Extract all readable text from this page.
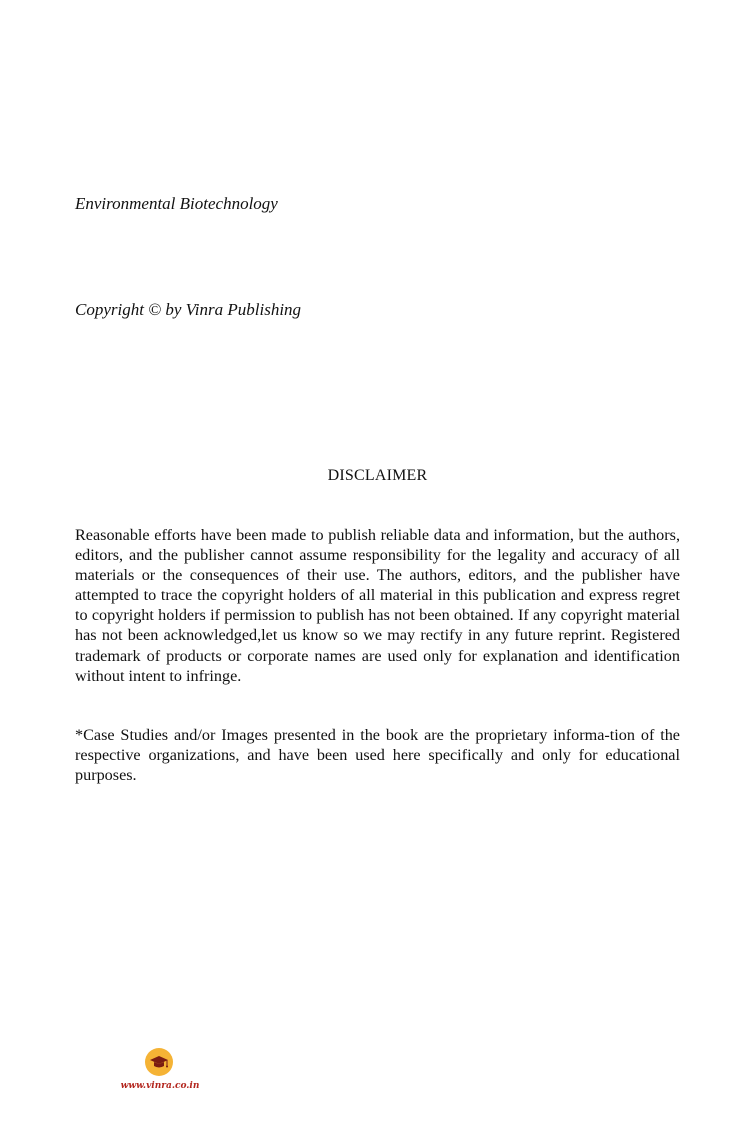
Environmental Biotechnology
Copyright © by Vinra Publishing
DISCLAIMER

Reasonable efforts have been made to publish reliable data and information, but the authors, editors, and the publisher cannot assume responsibility for the legality and accuracy of all materials or the consequences of their use. The authors, editors, and the publisher have attempted to trace the copyright holders of all material in this publication and express regret to copyright holders if permission to publish has not been obtained. If any copyright material has not been acknowledged,let us know so we may rectify in any future reprint. Registered trademark of products or corporate names are used only for explanation and identification without intent to infringe.

*Case Studies and/or Images presented in the book are the proprietary informa-tion of the respective organizations, and have been used here specifically and only for educational purposes.

www.vinra.co.in
